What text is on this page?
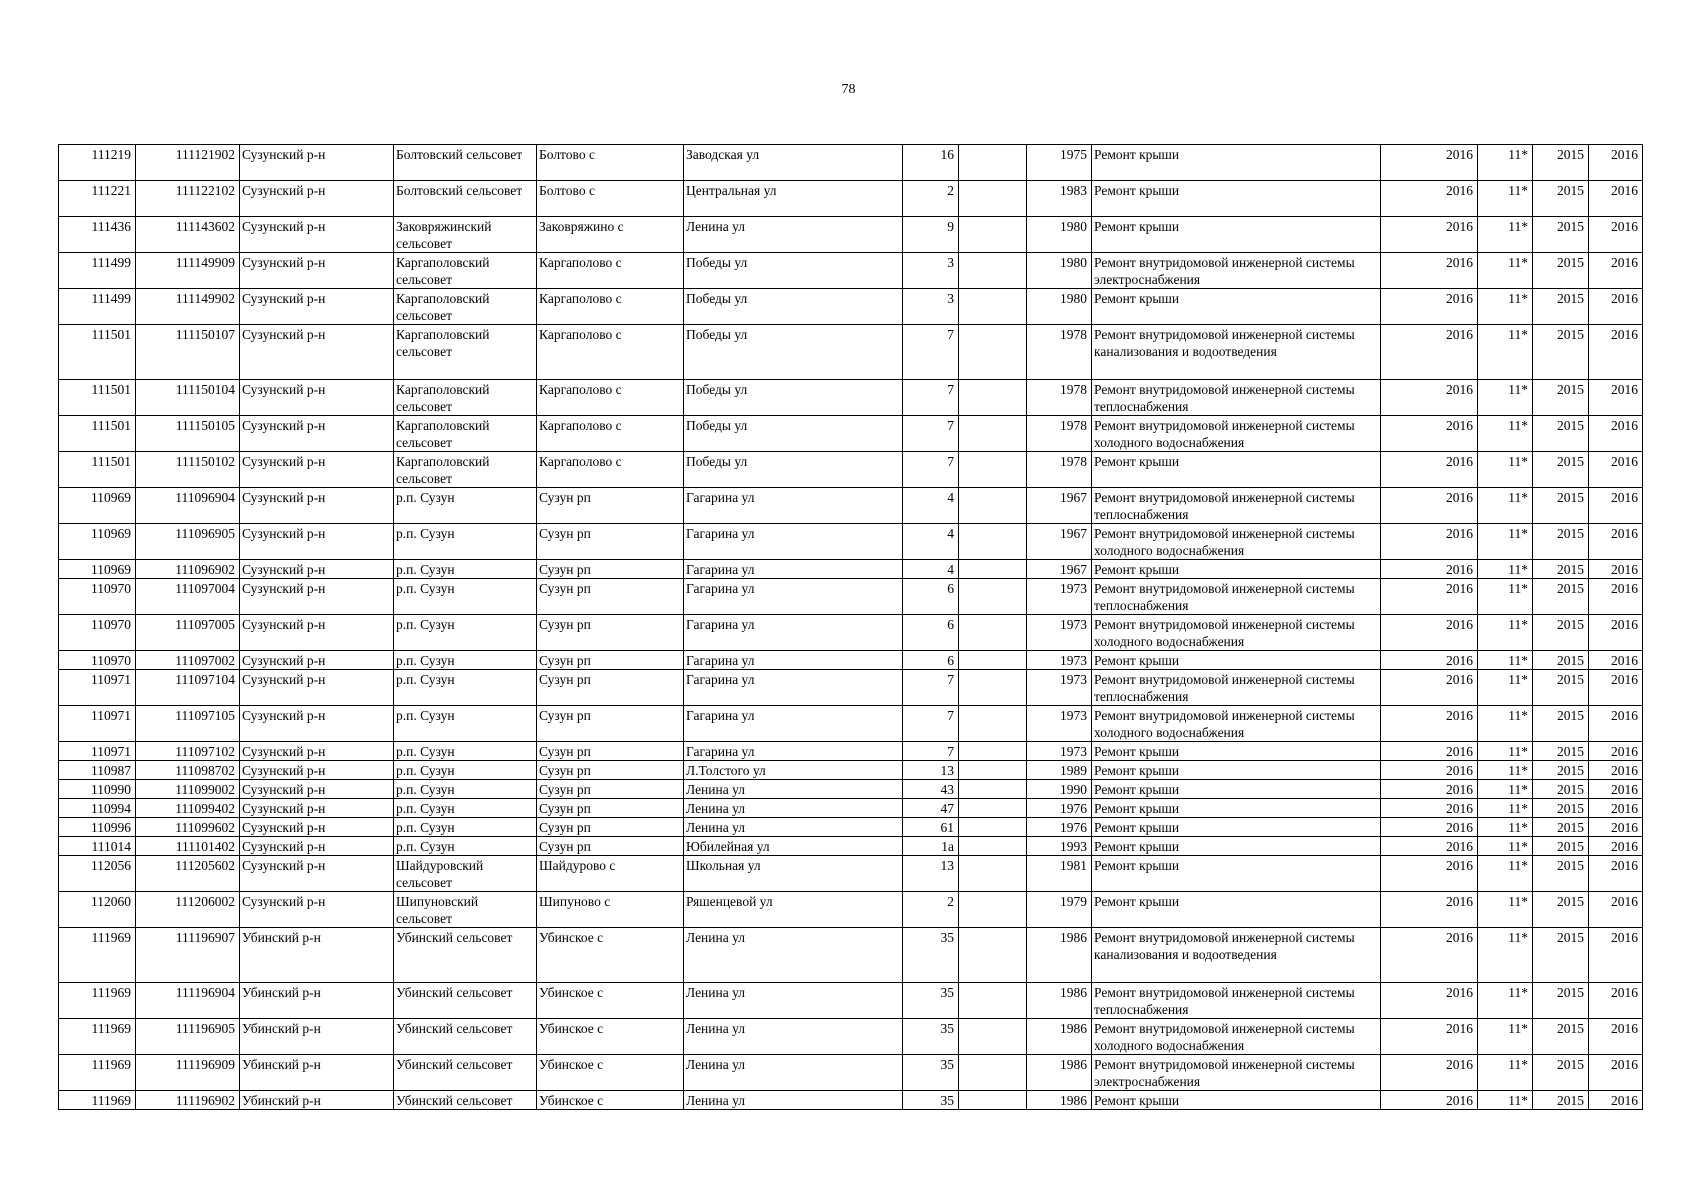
78
111219	111121902	Сузунский р-н	Болтовский сельсовет	Болтово с	Заводская ул	16		1975	Ремонт крыши	2016	11*	2015	2016
111221	111122102	Сузунский р-н	Болтовский сельсовет	Болтово с	Центральная ул	2		1983	Ремонт крыши	2016	11*	2015	2016
111436	111143602	Сузунский р-н	Заковряжинский сельсовет	Заковряжино с	Ленина ул	9		1980	Ремонт крыши	2016	11*	2015	2016
111499	111149909	Сузунский р-н	Каргаполовский сельсовет	Каргаполово с	Победы ул	3		1980	Ремонт внутридомовой инженерной системы электроснабжения	2016	11*	2015	2016
111499	111149902	Сузунский р-н	Каргаполовский сельсовет	Каргаполово с	Победы ул	3		1980	Ремонт крыши	2016	11*	2015	2016
111501	111150107	Сузунский р-н	Каргаполовский сельсовет	Каргаполово с	Победы ул	7		1978	Ремонт внутридомовой инженерной системы канализования и водоотведения	2016	11*	2015	2016
111501	111150104	Сузунский р-н	Каргаполовский сельсовет	Каргаполово с	Победы ул	7		1978	Ремонт внутридомовой инженерной системы теплоснабжения	2016	11*	2015	2016
111501	111150105	Сузунский р-н	Каргаполовский сельсовет	Каргаполово с	Победы ул	7		1978	Ремонт внутридомовой инженерной системы холодного водоснабжения	2016	11*	2015	2016
111501	111150102	Сузунский р-н	Каргаполовский сельсовет	Каргаполово с	Победы ул	7		1978	Ремонт крыши	2016	11*	2015	2016
110969	111096904	Сузунский р-н	р.п. Сузун	Сузун рп	Гагарина ул	4		1967	Ремонт внутридомовой инженерной системы теплоснабжения	2016	11*	2015	2016
110969	111096905	Сузунский р-н	р.п. Сузун	Сузун рп	Гагарина ул	4		1967	Ремонт внутридомовой инженерной системы холодного водоснабжения	2016	11*	2015	2016
110969	111096902	Сузунский р-н	р.п. Сузун	Сузун рп	Гагарина ул	4		1967	Ремонт крыши	2016	11*	2015	2016
110970	111097004	Сузунский р-н	р.п. Сузун	Сузун рп	Гагарина ул	6		1973	Ремонт внутридомовой инженерной системы теплоснабжения	2016	11*	2015	2016
110970	111097005	Сузунский р-н	р.п. Сузун	Сузун рп	Гагарина ул	6		1973	Ремонт внутридомовой инженерной системы холодного водоснабжения	2016	11*	2015	2016
110970	111097002	Сузунский р-н	р.п. Сузун	Сузун рп	Гагарина ул	6		1973	Ремонт крыши	2016	11*	2015	2016
110971	111097104	Сузунский р-н	р.п. Сузун	Сузун рп	Гагарина ул	7		1973	Ремонт внутридомовой инженерной системы теплоснабжения	2016	11*	2015	2016
110971	111097105	Сузунский р-н	р.п. Сузун	Сузун рп	Гагарина ул	7		1973	Ремонт внутридомовой инженерной системы холодного водоснабжения	2016	11*	2015	2016
110971	111097102	Сузунский р-н	р.п. Сузун	Сузун рп	Гагарина ул	7		1973	Ремонт крыши	2016	11*	2015	2016
110987	111098702	Сузунский р-н	р.п. Сузун	Сузун рп	Л.Толстого ул	13		1989	Ремонт крыши	2016	11*	2015	2016
110990	111099002	Сузунский р-н	р.п. Сузун	Сузун рп	Ленина ул	43		1990	Ремонт крыши	2016	11*	2015	2016
110994	111099402	Сузунский р-н	р.п. Сузун	Сузун рп	Ленина ул	47		1976	Ремонт крыши	2016	11*	2015	2016
110996	111099602	Сузунский р-н	р.п. Сузун	Сузун рп	Ленина ул	61		1976	Ремонт крыши	2016	11*	2015	2016
111014	111101402	Сузунский р-н	р.п. Сузун	Сузун рп	Юбилейная ул	1а		1993	Ремонт крыши	2016	11*	2015	2016
112056	111205602	Сузунский р-н	Шайдуровский сельсовет	Шайдурово с	Школьная ул	13		1981	Ремонт крыши	2016	11*	2015	2016
112060	111206002	Сузунский р-н	Шипуновский сельсовет	Шипуново с	Ряшенцевой ул	2		1979	Ремонт крыши	2016	11*	2015	2016
111969	111196907	Убинский р-н	Убинский сельсовет	Убинское с	Ленина ул	35		1986	Ремонт внутридомовой инженерной системы канализования и водоотведения	2016	11*	2015	2016
111969	111196904	Убинский р-н	Убинский сельсовет	Убинское с	Ленина ул	35		1986	Ремонт внутридомовой инженерной системы теплоснабжения	2016	11*	2015	2016
111969	111196905	Убинский р-н	Убинский сельсовет	Убинское с	Ленина ул	35		1986	Ремонт внутридомовой инженерной системы холодного водоснабжения	2016	11*	2015	2016
111969	111196909	Убинский р-н	Убинский сельсовет	Убинское с	Ленина ул	35		1986	Ремонт внутридомовой инженерной системы электроснабжения	2016	11*	2015	2016
111969	111196902	Убинский р-н	Убинский сельсовет	Убинское с	Ленина ул	35		1986	Ремонт крыши	2016	11*	2015	2016
